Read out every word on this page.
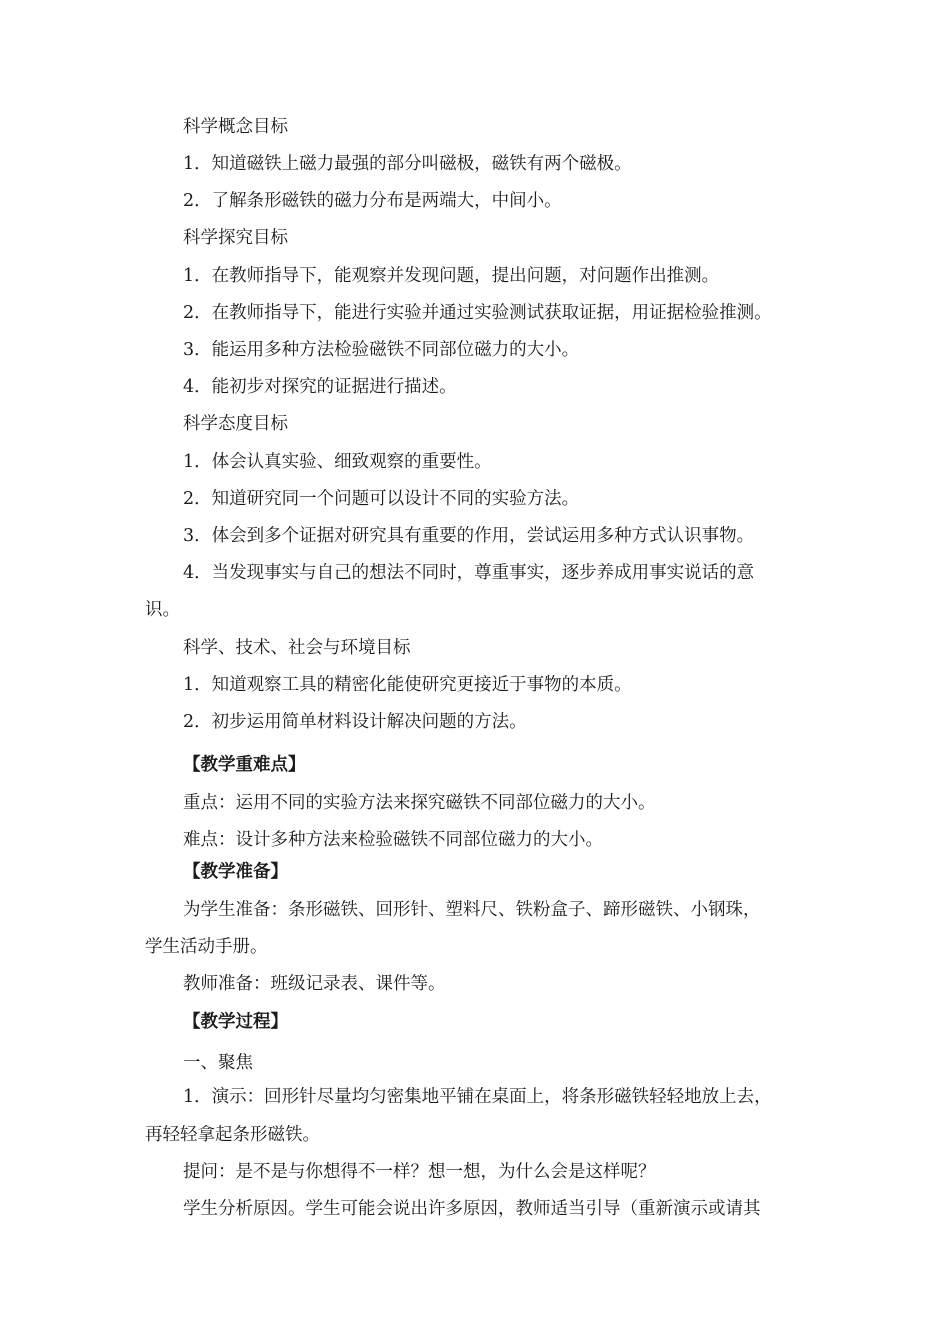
科学概念目标
1．知道磁铁上磁力最强的部分叫磁极，磁铁有两个磁极。
2．了解条形磁铁的磁力分布是两端大，中间小。
科学探究目标
1．在教师指导下，能观察并发现问题，提出问题，对问题作出推测。
2．在教师指导下，能进行实验并通过实验测试获取证据，用证据检验推测。
3．能运用多种方法检验磁铁不同部位磁力的大小。
4．能初步对探究的证据进行描述。
科学态度目标
1．体会认真实验、细致观察的重要性。
2．知道研究同一个问题可以设计不同的实验方法。
3．体会到多个证据对研究具有重要的作用，尝试运用多种方式认识事物。
4．当发现事实与自己的想法不同时，尊重事实，逐步养成用事实说话的意
识。
科学、技术、社会与环境目标
1．知道观察工具的精密化能使研究更接近于事物的本质。
2．初步运用简单材料设计解决问题的方法。
【教学重难点】
重点：运用不同的实验方法来探究磁铁不同部位磁力的大小。
难点：设计多种方法来检验磁铁不同部位磁力的大小。
【教学准备】
为学生准备：条形磁铁、回形针、塑料尺、铁粉盒子、蹄形磁铁、小钢珠，
学生活动手册。
教师准备：班级记录表、课件等。
【教学过程】
一、聚焦
1．演示：回形针尽量均匀密集地平铺在桌面上，将条形磁铁轻轻地放上去，
再轻轻拿起条形磁铁。
提问：是不是与你想得不一样？想一想，为什么会是这样呢？
学生分析原因。学生可能会说出许多原因，教师适当引导（重新演示或请其
